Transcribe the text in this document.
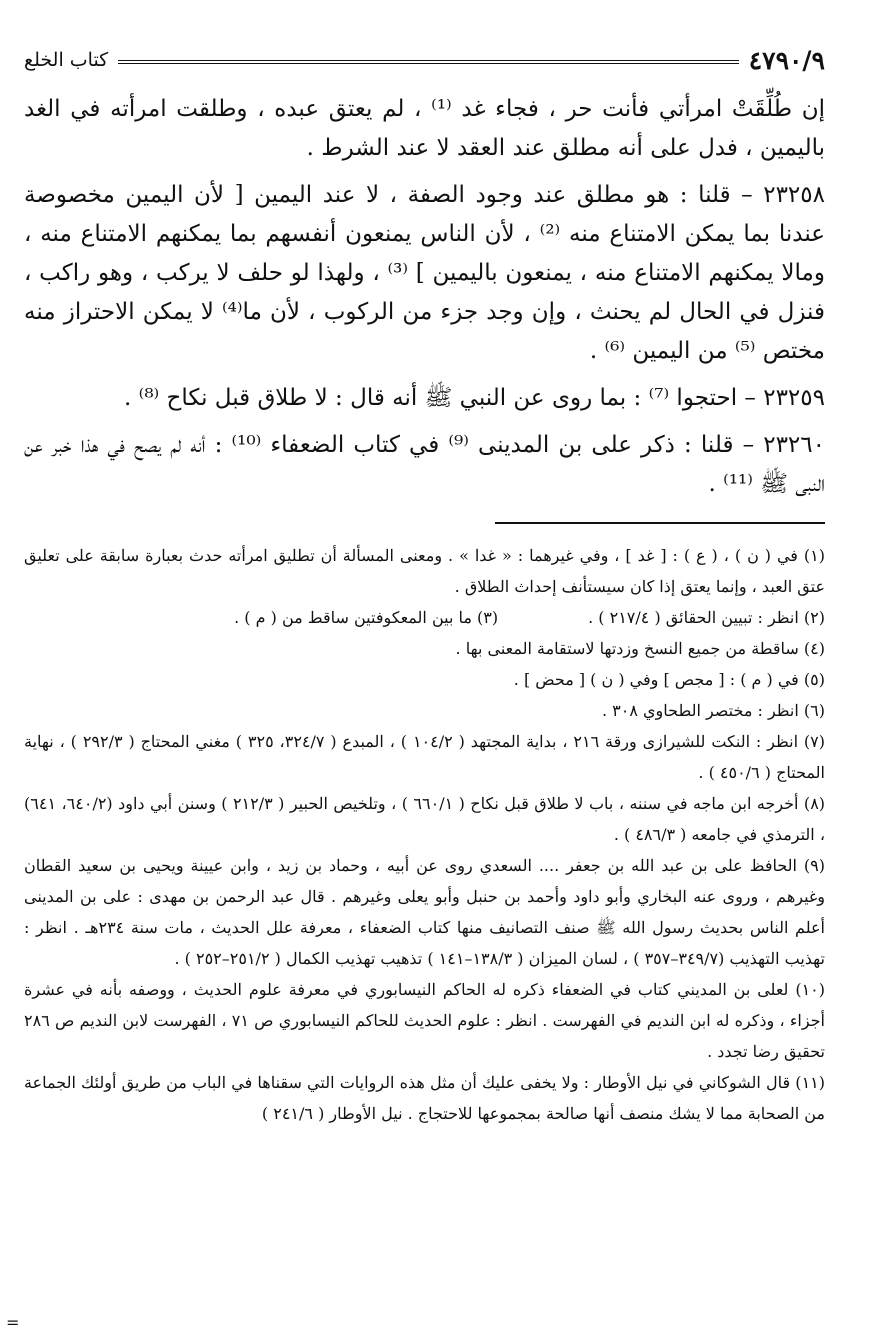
٤٧٩٠/٩
كتاب الخلع

إن طُلِّقَتْ امرأتي فأنت حر ، فجاء غد ⁽¹⁾ ، لم يعتق عبده ، وطلقت امرأته في الغد باليمين ، فدل على أنه مطلق عند العقد لا عند الشرط .

٢٣٢٥٨ – قلنا : هو مطلق عند وجود الصفة ، لا عند اليمين [ لأن اليمين مخصوصة عندنا بما يمكن الامتناع منه ⁽²⁾ ، لأن الناس يمنعون أنفسهم بما يمكنهم الامتناع منه ، ومالا يمكنهم الامتناع منه ، يمنعون باليمين ] ⁽³⁾ ، ولهذا لو حلف لا يركب ، وهو راكب ، فنزل في الحال لم يحنث ، وإن وجد جزء من الركوب ، لأن ما⁽⁴⁾ لا يمكن الاحتراز منه مختص ⁽⁵⁾ من اليمين ⁽⁶⁾ .

٢٣٢٥٩ – احتجوا ⁽⁷⁾ : بما روى عن النبي ﷺ أنه قال : لا طلاق قبل نكاح ⁽⁸⁾ .

٢٣٢٦٠ – قلنا : ذكر على بن المدينى ⁽⁹⁾ في كتاب الضعفاء ⁽¹⁰⁾ : أنه لم يصح في هذا خبر عن النبى ﷺ ⁽¹¹⁾ .

(١) في ( ن ) ، ( ع ) : [ غد ] ، وفي غيرهما : « غدا » . ومعنى المسألة أن تطليق امرأته حدث بعبارة سابقة على تعليق عتق العبد ، وإنما يعتق إذا كان سيستأنف إحداث الطلاق .

(٢) انظر : تبيين الحقائق ( ٢١٧/٤ ) .

(٣) ما بين المعكوفتين ساقط من ( م ) .

(٤) ساقطة من جميع النسخ وزدتها لاستقامة المعنى بها .

(٥) في ( م ) : [ مجص ] وفي ( ن ) [ محض ] .

(٦) انظر : مختصر الطحاوي ٣٠٨ .

(٧) انظر : النكت للشيرازى ورقة ٢١٦ ، بداية المجتهد ( ١٠٤/٢ ) ، المبدع ( ٣٢٤/٧، ٣٢٥ ) مغني المحتاج ( ٢٩٢/٣ ) ، نهاية المحتاج ( ٤٥٠/٦ ) .

(٨) أخرجه ابن ماجه في سننه ، باب لا طلاق قبل نكاح ( ٦٦٠/١ ) ، وتلخيص الحبير ( ٢١٢/٣ ) وسنن أبي داود (٦٤٠/٢، ٦٤١) ، الترمذي في جامعه ( ٤٨٦/٣ ) .

(٩) الحافظ على بن عبد الله بن جعفر .... السعدي روى عن أبيه ، وحماد بن زيد ، وابن عيينة ويحيى بن سعيد القطان وغيرهم ، وروى عنه البخاري وأبو داود وأحمد بن حنبل وأبو يعلى وغيرهم . قال عبد الرحمن بن مهدى : على بن المدينى أعلم الناس بحديث رسول الله ﷺ صنف التصانيف منها كتاب الضعفاء ، معرفة علل الحديث ، مات سنة ٢٣٤هـ . انظر : تهذيب التهذيب (٣٤٩/٧–٣٥٧ ) ، لسان الميزان ( ١٣٨/٣–١٤١ ) تذهيب تهذيب الكمال ( ٢٥١/٢–٢٥٢ ) .

(١٠) لعلى بن المديني كتاب في الضعفاء ذكره له الحاكم النيسابوري في معرفة علوم الحديث ، ووصفه بأنه في عشرة أجزاء ، وذكره له ابن النديم في الفهرست . انظر : علوم الحديث للحاكم النيسابوري ص ٧١ ، الفهرست لابن النديم ص ٢٨٦ تحقيق رضا تجدد .

(١١) قال الشوكاني في نيل الأوطار : ولا يخفى عليك أن مثل هذه الروايات التي سقناها في الباب من طريق أولئك الجماعة من الصحابة مما لا يشك منصف أنها صالحة بمجموعها للاحتجاج . نيل الأوطار ( ٢٤١/٦ )

=
